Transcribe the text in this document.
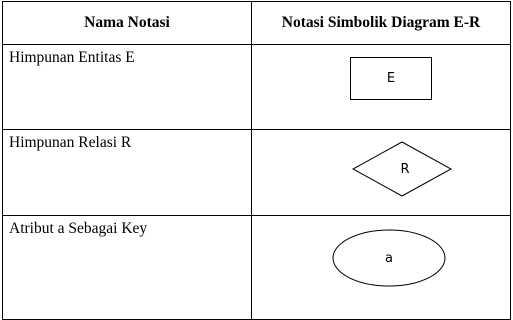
Nama Notasi	Notasi Simbolik Diagram E-R
Himpunan Entitas E	E

Himpunan Relasi R	R

Atribut a Sebagai Key	a
